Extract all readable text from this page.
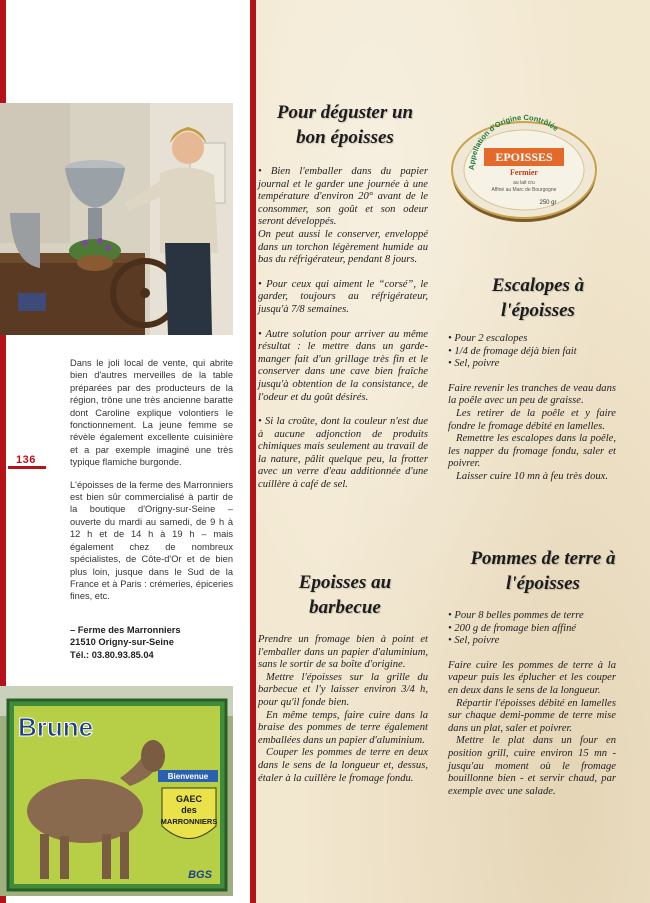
Dans le joli local de vente, qui abrite bien d'autres merveilles de la table préparées par des producteurs de la région, trône une très ancienne baratte dont Caroline explique volontiers le fonctionnement. La jeune femme se révèle également excellente cuisinière et a par exemple imaginé une très typique flamiche burgonde.

L'époisses de la ferme des Marronniers est bien sûr commercialisé à partir de la boutique d'Origny-sur-Seine – ouverte du mardi au samedi, de 9 h à 12 h et de 14 h à 19 h – mais également chez de nombreux spécialistes, de Côte-d'Or et de bien plus loin, jusque dans le Sud de la France et à Paris : crémeries, épiceries fines, etc.

– Ferme des Marronniers
21510 Origny-sur-Seine
Tél.: 03.80.93.85.04
136
Brune
Bienvenue
GAEC
des
MARRONNIERS
BGS
Appellation d'Origine Contrôlée
EPOISSES
Fermier
au lait cru
Affiné au Marc de Bourgogne
250 gr
Pour déguster un
bon époisses

• Bien l'emballer dans du papier journal et le garder une journée à une température d'environ 20° avant de le consommer, son goût et son odeur seront développés.

On peut aussi le conserver, enveloppé dans un torchon légèrement humide au bas du réfrigérateur, pendant 8 jours.

• Pour ceux qui aiment le “corsé”, le garder, toujours au réfrigérateur, jusqu'à 7/8 semaines.

• Autre solution pour arriver au même résultat : le mettre dans un garde-manger fait d'un grillage très fin et le conserver dans une cave bien fraîche jusqu'à obtention de la consistance, de l'odeur et du goût désirés.

• Si la croûte, dont la couleur n'est due à aucune adjonction de produits chimiques mais seulement au travail de la nature, pâlit quelque peu, la frotter avec un verre d'eau additionnée d'une cuillère à café de sel.

Epoisses au
barbecue

Prendre un fromage bien à point et l'emballer dans un papier d'aluminium, sans le sortir de sa boîte d'origine.

Mettre l'époisses sur la grille du barbecue et l'y laisser environ 3/4 h, pour qu'il fonde bien.

En même temps, faire cuire dans la braise des pommes de terre également emballées dans un papier d'aluminium.

Couper les pommes de terre en deux dans le sens de la longueur et, dessus, étaler à la cuillère le fromage fondu.

Escalopes à
l'époisses
• Pour 2 escalopes
• 1/4 de fromage déjà bien fait
• Sel, poivre

Faire revenir les tranches de veau dans la poêle avec un peu de graisse.

Les retirer de la poêle et y faire fondre le fromage débité en lamelles.

Remettre les escalopes dans la poêle, les napper du fromage fondu, saler et poivrer.

Laisser cuire 10 mn à feu très doux.

Pommes de terre à
l'époisses
• Pour 8 belles pommes de terre
• 200 g de fromage bien affiné
• Sel, poivre

Faire cuire les pommes de terre à la vapeur puis les éplucher et les couper en deux dans le sens de la longueur.

Répartir l'époisses débité en lamelles sur chaque demi-pomme de terre mise dans un plat, saler et poivrer.

Mettre le plat dans un four en position grill, cuire environ 15 mn - jusqu'au moment où le fromage bouillonne bien - et servir chaud, par exemple avec une salade.
